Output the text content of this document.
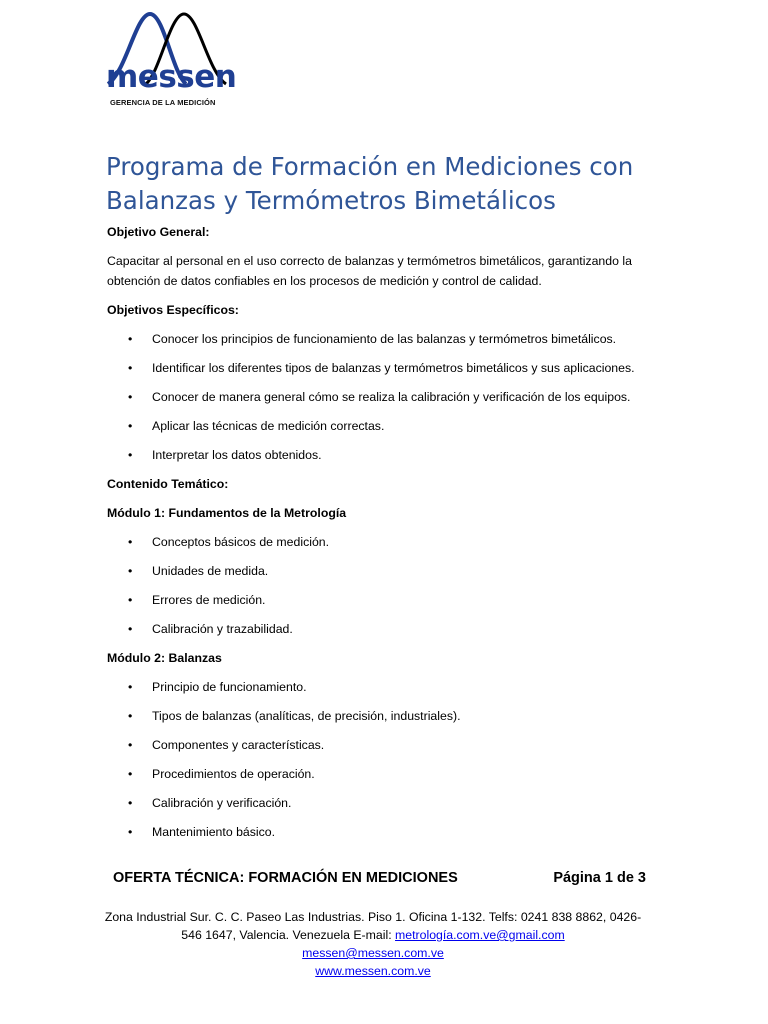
messen
GERENCIA DE LA MEDICIÓN
Programa de Formación en Mediciones con Balanzas y Termómetros Bimetálicos
Objetivo General:
Capacitar al personal en el uso correcto de balanzas y termómetros bimetálicos, garantizando la obtención de datos confiables en los procesos de medición y control de calidad.
Objetivos Específicos:
• Conocer los principios de funcionamiento de las balanzas y termómetros bimetálicos.
• Identificar los diferentes tipos de balanzas y termómetros bimetálicos y sus aplicaciones.
• Conocer de manera general cómo se realiza la calibración y verificación de los equipos.
• Aplicar las técnicas de medición correctas.
• Interpretar los datos obtenidos.
Contenido Temático:
Módulo 1: Fundamentos de la Metrología
• Conceptos básicos de medición.
• Unidades de medida.
• Errores de medición.
• Calibración y trazabilidad.
Módulo 2: Balanzas
• Principio de funcionamiento.
• Tipos de balanzas (analíticas, de precisión, industriales).
• Componentes y características.
• Procedimientos de operación.
• Calibración y verificación.
• Mantenimiento básico.
OFERTA TÉCNICA: FORMACIÓN EN MEDICIONES	Página 1 de 3
Zona Industrial Sur. C. C. Paseo Las Industrias. Piso 1. Oficina 1-132. Telfs: 0241 838 8862, 0426-546 1647, Valencia. Venezuela E-mail: metrología.com.ve@gmail.com
messen@messen.com.ve
www.messen.com.ve
